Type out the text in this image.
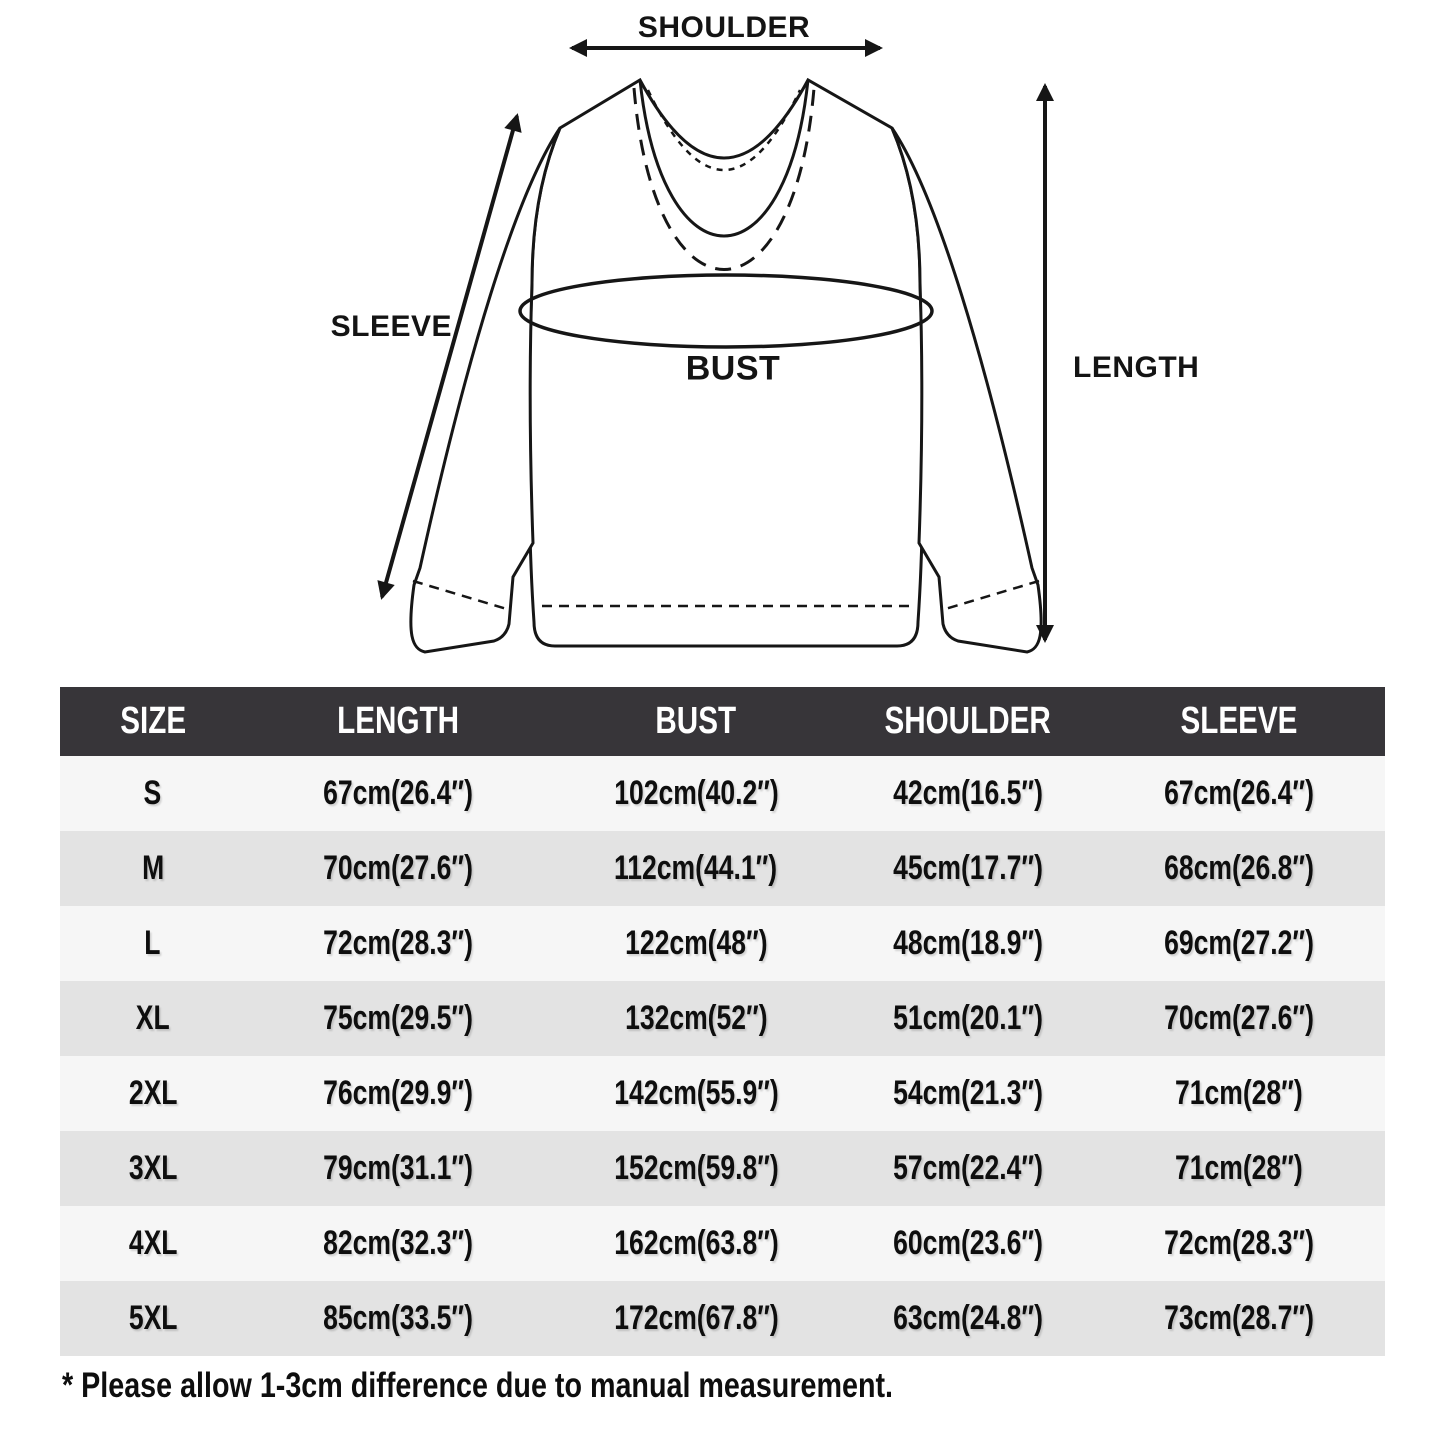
SHOULDER
SLEEVE
BUST	LENGTH
SIZE	LENGTH	BUST	SHOULDER	SLEEVE
S	67cm(26.4″)	102cm(40.2″)	42cm(16.5″)	67cm(26.4″)
M	70cm(27.6″)	112cm(44.1″)	45cm(17.7″)	68cm(26.8″)
L	72cm(28.3″)	122cm(48″)	48cm(18.9″)	69cm(27.2″)
XL	75cm(29.5″)	132cm(52″)	51cm(20.1″)	70cm(27.6″)
2XL	76cm(29.9″)	142cm(55.9″)	54cm(21.3″)	71cm(28″)
3XL	79cm(31.1″)	152cm(59.8″)	57cm(22.4″)	71cm(28″)
4XL	82cm(32.3″)	162cm(63.8″)	60cm(23.6″)	72cm(28.3″)
5XL	85cm(33.5″)	172cm(67.8″)	63cm(24.8″)	73cm(28.7″)
* Please allow 1-3cm difference due to manual measurement.
